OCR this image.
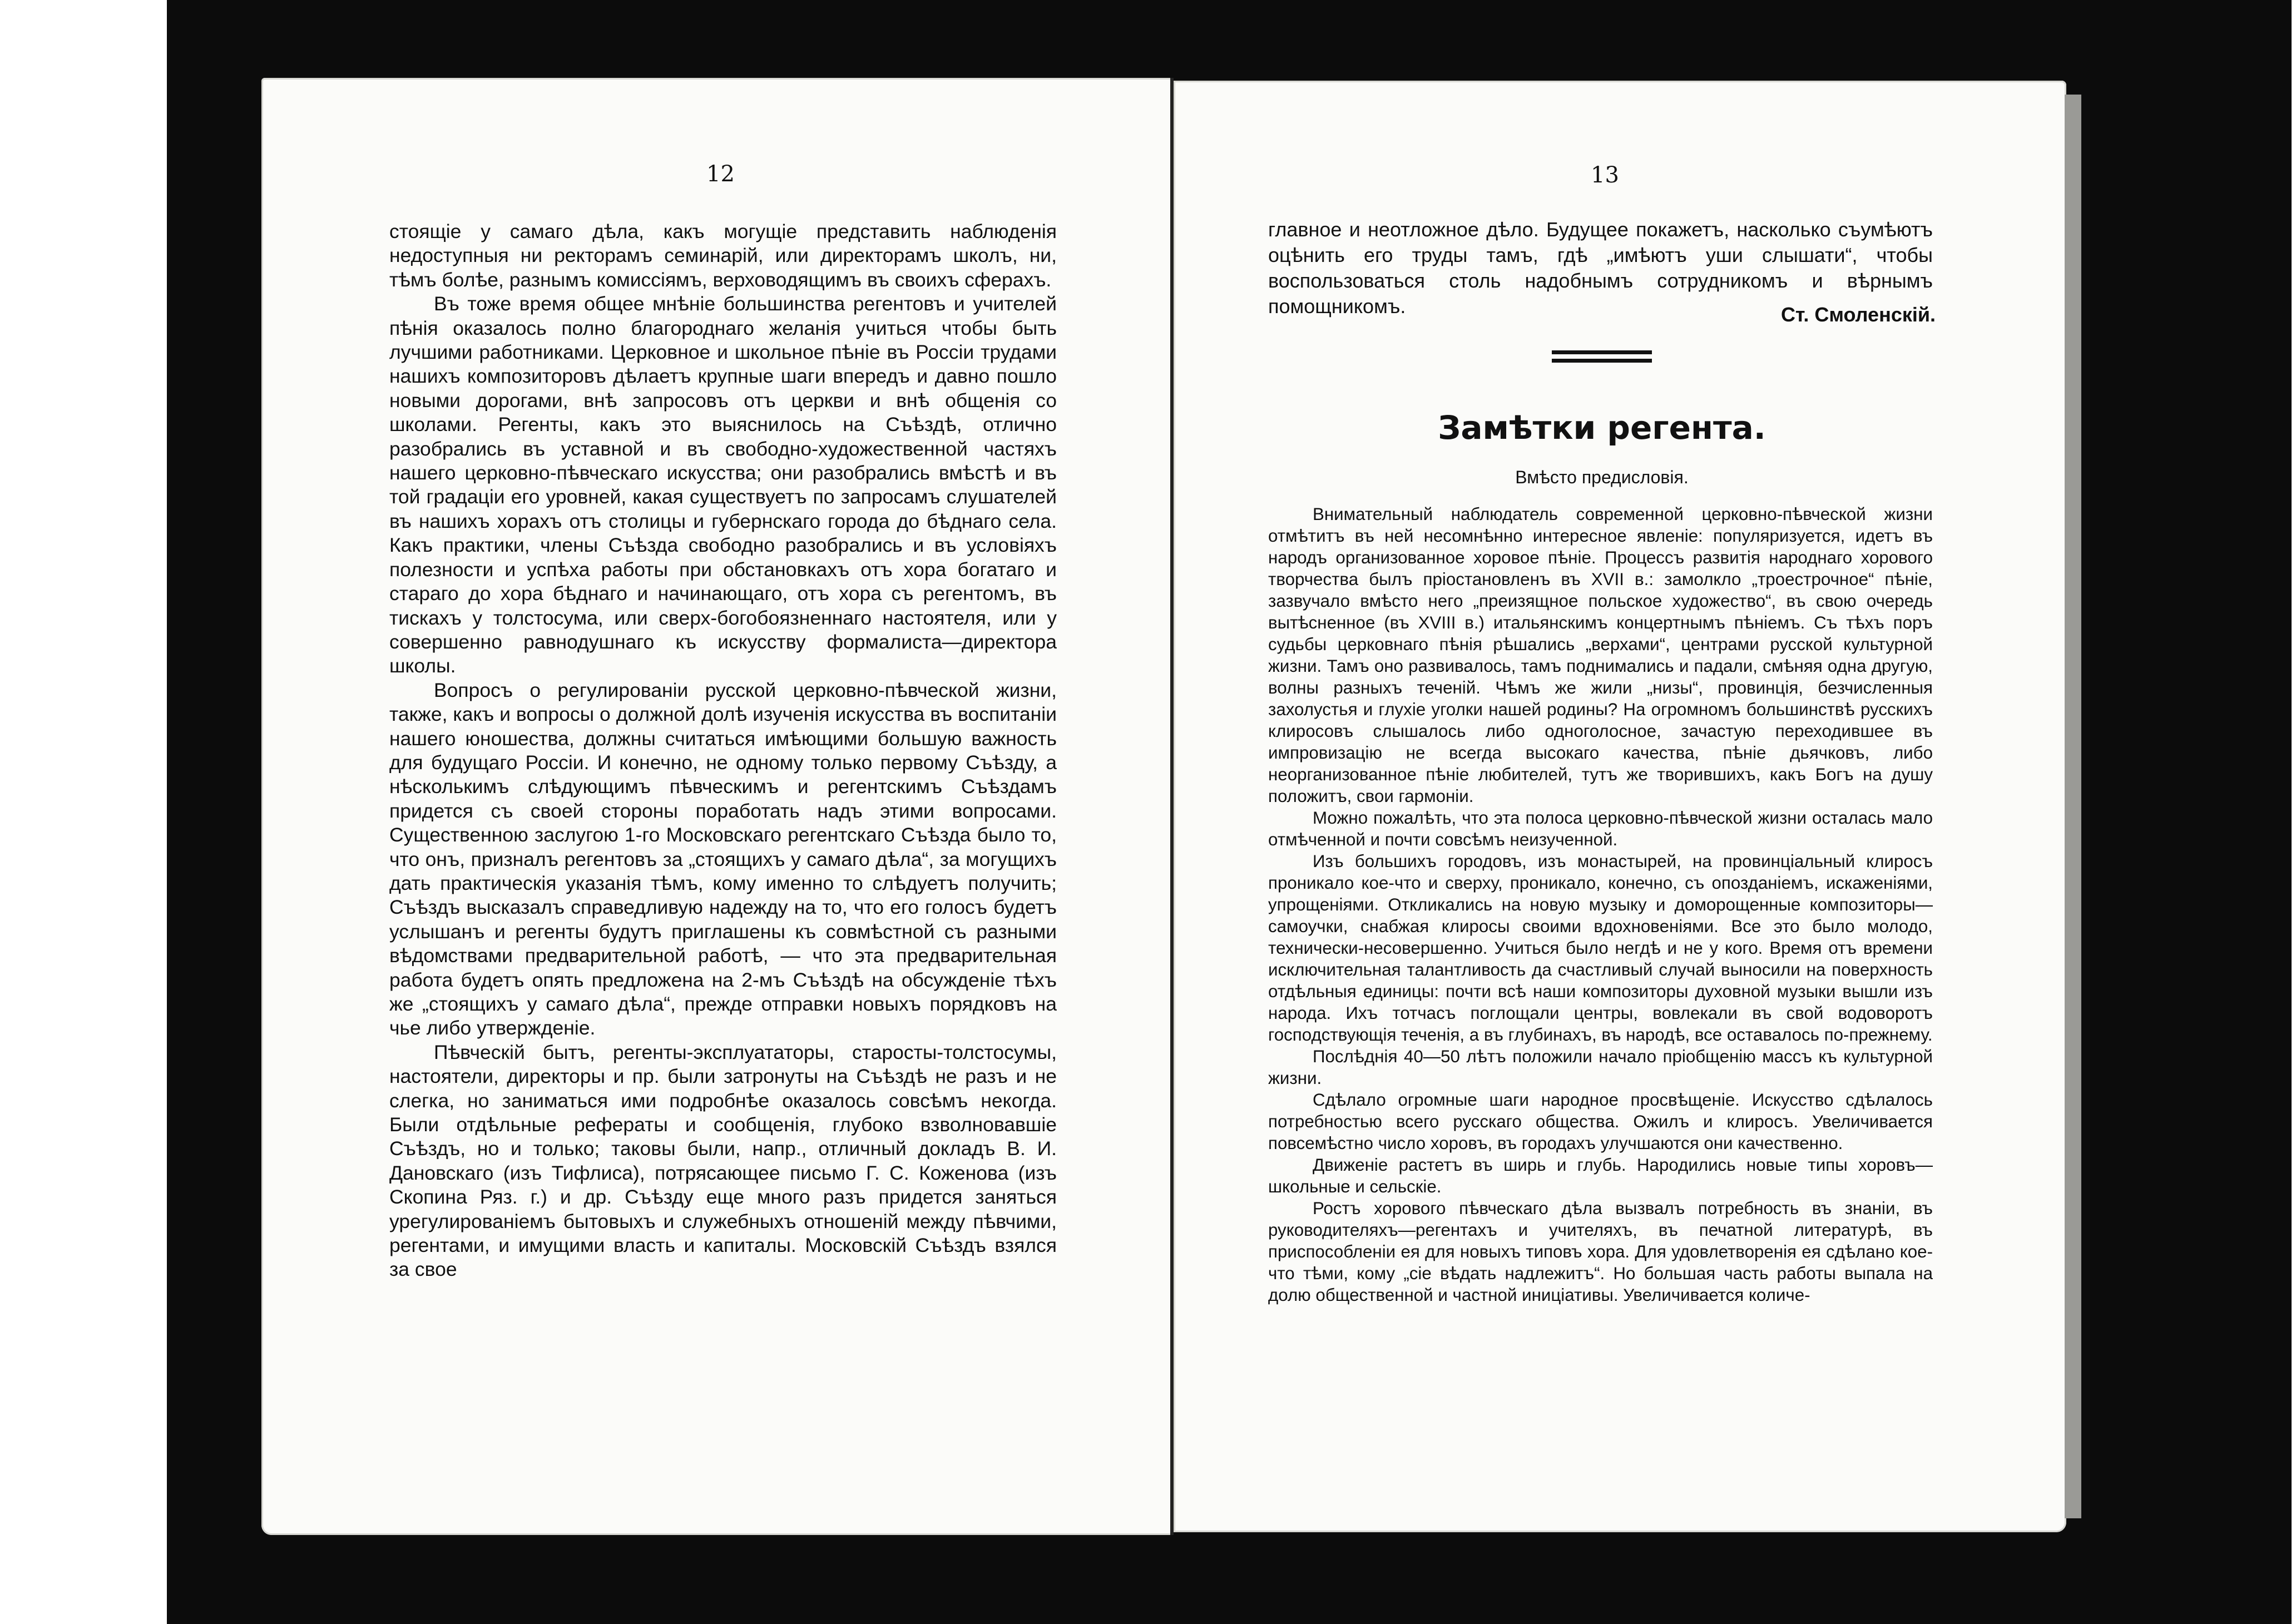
12	13

стоящіе у самаго дѣла, какъ могущіе представить наблюденія недоступныя ни ректорамъ семинарій, или директорамъ школъ, ни, тѣмъ болѣе, разнымъ комиссіямъ, верховодящимъ въ своихъ сферахъ.

Въ тоже время общее мнѣніе большинства регентовъ и учителей пѣнія оказалось полно благороднаго желанія учиться чтобы быть лучшими работниками. Церковное и школьное пѣніе въ Россіи трудами нашихъ композиторовъ дѣлаетъ крупные шаги впередъ и давно пошло новыми дорогами, внѣ запросовъ отъ церкви и внѣ общенія со школами. Регенты, какъ это выяснилось на Съѣздѣ, отлично разобрались въ уставной и въ свободно-художественной частяхъ нашего церковно-пѣвческаго искусства; они разобрались вмѣстѣ и въ той градаціи его уровней, какая существуетъ по запросамъ слушателей въ нашихъ хорахъ отъ столицы и губернскаго города до бѣднаго села. Какъ практики, члены Съѣзда свободно разобрались и въ условіяхъ полезности и успѣха работы при обстановкахъ отъ хора богатаго и стараго до хора бѣднаго и начинающаго, отъ хора съ регентомъ, въ тискахъ у толстосума, или сверх-богобоязненнаго настоятеля, или у совершенно равнодушнаго къ искусству формалиста—директора школы.

Вопросъ о регулированіи русской церковно-пѣвческой жизни, также, какъ и вопросы о должной долѣ изученія искусства въ воспитаніи нашего юношества, должны считаться имѣющими большую важность для будущаго Россіи. И конечно, не одному только первому Съѣзду, а нѣсколькимъ слѣдующимъ пѣвческимъ и регентскимъ Съѣздамъ придется съ своей стороны поработать надъ этими вопросами. Существенною заслугою 1-го Московскаго регентскаго Съѣзда было то, что онъ, призналъ регентовъ за „стоящихъ у самаго дѣла“, за могущихъ дать практическія указанія тѣмъ, кому именно то слѣдуетъ получить; Съѣздъ высказалъ справедливую надежду на то, что его голосъ будетъ услышанъ и регенты будутъ приглашены къ совмѣстной съ разными вѣдомствами предварительной работѣ, — что эта предварительная работа будетъ опять предложена на 2-мъ Съѣздѣ на обсужденіе тѣхъ же „стоящихъ у самаго дѣла“, прежде отправки новыхъ порядковъ на чье либо утвержденіе.

Пѣвческій бытъ, регенты-эксплуататоры, старосты-толстосумы, настоятели, директоры и пр. были затронуты на Съѣздѣ не разъ и не слегка, но заниматься ими подробнѣе оказалось совсѣмъ некогда. Были отдѣльные рефераты и сообщенія, глубоко взволновавшіе Съѣздъ, но и только; таковы были, напр., отличный докладъ В. И. Дановскаго (изъ Тифлиса), потрясающее письмо Г. С. Коженова (изъ Скопина Ряз. г.) и др. Съѣзду еще много разъ придется заняться урегулированіемъ бытовыхъ и служебныхъ отношеній между пѣвчими, регентами, и имущими власть и капиталы. Московскій Съѣздъ взялся за свое

главное и неотложное дѣло. Будущее покажетъ, насколько съумѣютъ оцѣнить его труды тамъ, гдѣ „имѣютъ уши слышати“, чтобы воспользоваться столь надобнымъ сотрудникомъ и вѣрнымъ помощникомъ.	Ст. Смоленскій.
Замѣтки регента.
Вмѣсто предисловія.

Внимательный наблюдатель современной церковно-пѣвческой жизни отмѣтитъ въ ней несомнѣнно интересное явленіе: популяризуется, идетъ въ народъ организованное хоровое пѣніе. Процессъ развитія народнаго хорового творчества былъ пріостановленъ въ XVII в.: замолкло „троестрочное“ пѣніе, зазвучало вмѣсто него „преизящное польское художество“, въ свою очередь вытѣсненное (въ XVIII в.) итальянскимъ концертнымъ пѣніемъ. Съ тѣхъ поръ судьбы церковнаго пѣнія рѣшались „верхами“, центрами русской культурной жизни. Тамъ оно развивалось, тамъ поднимались и падали, смѣняя одна другую, волны разныхъ теченій. Чѣмъ же жили „низы“, провинція, безчисленныя захолустья и глухіе уголки нашей родины? На огромномъ большинствѣ русскихъ клиросовъ слышалось либо одноголосное, зачастую переходившее въ импровизацію не всегда высокаго качества, пѣніе дьячковъ, либо неорганизованное пѣніе любителей, тутъ же творившихъ, какъ Богъ на душу положитъ, свои гармоніи.

Можно пожалѣть, что эта полоса церковно-пѣвческой жизни осталась мало отмѣченной и почти совсѣмъ неизученной.

Изъ большихъ городовъ, изъ монастырей, на провинціальный клиросъ проникало кое-что и сверху, проникало, конечно, съ опозданіемъ, искаженіями, упрощеніями. Откликались на новую музыку и доморощенные композиторы—самоучки, снабжая клиросы своими вдохновеніями. Все это было молодо, технически-несовершенно. Учиться было негдѣ и не у кого. Время отъ времени исключительная талантливость да счастливый случай выносили на поверхность отдѣльныя единицы: почти всѣ наши композиторы духовной музыки вышли изъ народа. Ихъ тотчасъ поглощали центры, вовлекали въ свой водоворотъ господствующія теченія, а въ глубинахъ, въ народѣ, все оставалось по-прежнему.

Послѣднія 40—50 лѣтъ положили начало пріобщенію массъ къ культурной жизни.

Сдѣлало огромные шаги народное просвѣщеніе. Искусство сдѣлалось потребностью всего русскаго общества. Ожилъ и клиросъ. Увеличивается повсемѣстно число хоровъ, въ городахъ улучшаются они качественно.

Движеніе растетъ въ ширь и глубь. Народились новые типы хоровъ—школьные и сельскіе.

Ростъ хорового пѣвческаго дѣла вызвалъ потребность въ знаніи, въ руководителяхъ—регентахъ и учителяхъ, въ печатной литературѣ, въ приспособленіи ея для новыхъ типовъ хора. Для удовлетворенія ея сдѣлано кое-что тѣми, кому „сіе вѣдать надлежитъ“. Но большая часть работы выпала на долю общественной и частной иниціативы. Увеличивается количе-
